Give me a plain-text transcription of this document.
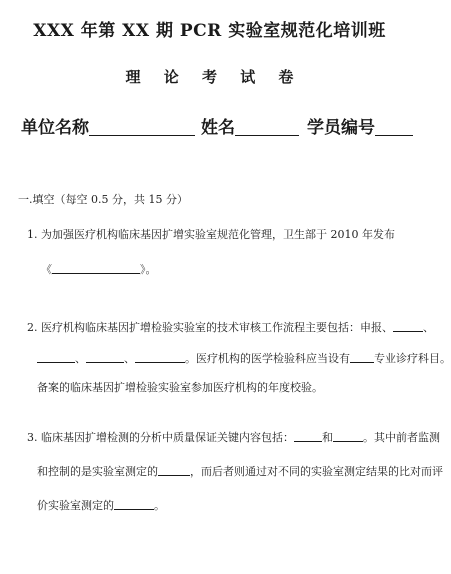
XXX 年第 XX 期 PCR 实验室规范化培训班
理 论 考 试 卷
单位名称	姓名	学员编号
一.填空（每空 0.5 分，共 15 分）
1. 为加强医疗机构临床基因扩增实验室规范化管理，卫生部于 2010 年发布
《	》。
2. 医疗机构临床基因扩增检验实验室的技术审核工作流程主要包括：申报、	、
、	、	。医疗机构的医学检验科应当设有 专业诊疗科目。
备案的临床基因扩增检验实验室参加医疗机构的年度校验。
3. 临床基因扩增检测的分析中质量保证关键内容包括：	和	。其中前者监测
和控制的是实验室测定的	，而后者则通过对不同的实验室测定结果的比对而评
价实验室测定的	。
